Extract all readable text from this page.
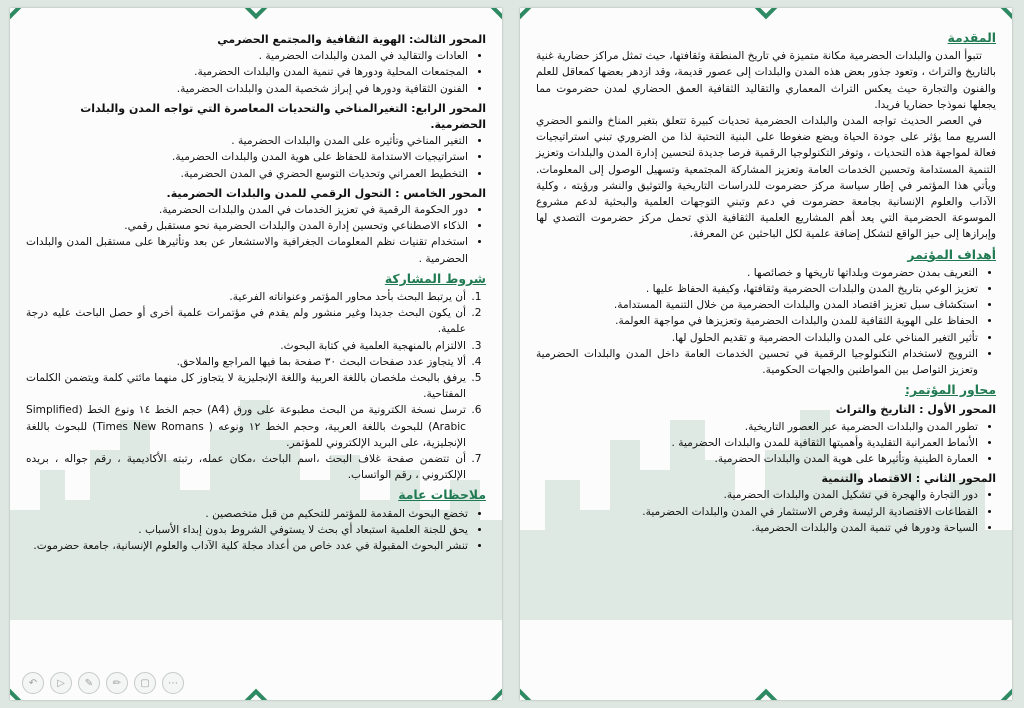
المحور الثالث: الهوية الثقافية والمجتمع الحضرمي
• العادات والتقاليد في المدن والبلدات الحضرمية .
• المجتمعات المحلية ودورها في تنمية المدن والبلدات الحضرمية.
• الفنون الثقافية ودورها في إبراز شخصية المدن والبلدات الحضرمية.
المحور الرابع: التغيرالمناخي والتحديات المعاصرة التي تواجه المدن والبلدات الحضرمية.
• التغير المناخي وتأثيره على المدن والبلدات الحضرمية .
• استراتيجيات الاستدامة للحفاظ على هوية المدن والبلدات الحضرمية.
• التخطيط العمراني وتحديات التوسع الحضري في المدن الحضرمية.
المحور الخامس : التحول الرقمي للمدن والبلدات الحضرمية.
• دور الحكومة الرقمية في تعزيز الخدمات في المدن والبلدات الحضرمية.
• الذكاء الاصطناعي وتحسين إدارة المدن والبلدات الحضرمية نحو مستقبل رقمي.
• استخدام تقنيات نظم المعلومات الجغرافية والاستشعار عن بعد وتأثيرها على مستقبل المدن والبلدات الحضرمية .
شروط المشاركة
1. أن يرتبط البحث بأحد محاور المؤتمر وعنواناته الفرعية.
2. أن يكون البحث جديدا وغير منشور ولم يقدم في مؤتمرات علمية أخرى أو حصل الباحث عليه درجة علمية.
3. الالتزام بالمنهجية العلمية في كتابة البحوث.
4. ألا يتجاوز عدد صفحات البحث ٣٠ صفحة بما فيها المراجع والملاحق.
5. يرفق بالبحث ملخصان باللغة العربية واللغة الإنجليزية لا يتجاوز كل منهما مائتي كلمة ويتضمن الكلمات المفتاحية.
6. ترسل نسخة الكترونية من البحث مطبوعة على ورق (A4) حجم الخط ١٤ ونوع الخط (Simplified Arabic) للبحوث باللغة العربية، وحجم الخط ١٢ ونوعه ( Times New Romans) للبحوث باللغة الإنجليزية، على البريد الإلكتروني للمؤتمر.
7. أن تتضمن صفحة غلاف البحث ،اسم الباحث ،مكان عمله، رتبته الأكاديمية ، رقم جواله ، بريده الإلكتروني ، رقم الواتساب.
ملاحظات عامة
• تخضع البحوث المقدمة للمؤتمر للتحكيم من قبل متخصصين .
• يحق للجنة العلمية استبعاد أي بحث لا يستوفي الشروط بدون إبداء الأسباب .
• تنشر البحوث المقبولة في عدد خاص من أعداد مجلة كلية الآداب والعلوم الإنسانية، جامعة حضرموت.
↶	▷	✎	✏	▢	⋯
المقدمة

تتبوأ المدن والبلدات الحضرمية مكانة متميزة في تاريخ المنطقة وثقافتها، حيث تمثل مراكز حضارية غنية بالتاريخ والتراث ، وتعود جذور بعض هذه المدن والبلدات إلى عصور قديمة، وقد ازدهر بعضها كمعاقل للعلم والفنون والتجارة حيث يعكس التراث المعماري والتقاليد الثقافية العمق الحضاري لمدن حضرموت مما يجعلها نموذجا حضاريا فريدا.

في العصر الحديث تواجه المدن والبلدات الحضرمية تحديات كبيرة تتعلق بتغير المناخ والنمو الحضري السريع مما يؤثر على جودة الحياة ويضع ضغوطا على البنية التحتية لذا من الضروري تبني استراتيجيات فعالة لمواجهة هذه التحديات ، وتوفر التكنولوجيا الرقمية فرصا جديدة لتحسين إدارة المدن والبلدات وتعزيز التنمية المستدامة وتحسين الخدمات العامة وتعزيز المشاركة المجتمعية وتسهيل الوصول إلى المعلومات. ويأتي هذا المؤتمر في إطار سياسة مركز حضرموت للدراسات التاريخية والتوثيق والنشر ورؤيته ، وكلية الآداب والعلوم الإنسانية بجامعة حضرموت في دعم وتبني التوجهات العلمية والبحثية لدعم مشروع الموسوعة الحضرمية التي يعد أهم المشاريع العلمية الثقافية الذي تحمل مركز حضرموت التصدي لها وإبرازها إلى حيز الواقع لتشكل إضافة علمية لكل الباحثين عن المعرفة.

أهداف المؤتمر
• التعريف بمدن حضرموت وبلداتها تاريخها و خصائصها .
• تعزيز الوعي بتاريخ المدن والبلدات الحضرمية وثقافتها، وكيفية الحفاظ عليها .
• استكشاف سبل تعزيز اقتصاد المدن والبلدات الحضرمية من خلال التنمية المستدامة.
• الحفاظ على الهوية الثقافية للمدن والبلدات الحضرمية وتعزيزها في مواجهة العولمة.
• تأثير التغير المناخي على المدن والبلدات الحضرمية و تقديم الحلول لها.
• الترويج لاستخدام التكنولوجيا الرقمية في تحسين الخدمات العامة داخل المدن والبلدات الحضرمية وتعزيز التواصل بين المواطنين والجهات الحكومية.
محاور المؤتمر:
المحور الأول : التاريخ والتراث
• تطور المدن والبلدات الحضرمية عبر العصور التاريخية.
• الأنماط العمرانية التقليدية وأهميتها الثقافية للمدن والبلدات الحضرمية .
• العمارة الطينية وتأثيرها على هوية المدن والبلدات الحضرمية.
المحور الثاني : الاقتصاد والتنمية
• دور التجارة والهجرة في تشكيل المدن والبلدات الحضرمية.
• القطاعات الاقتصادية الرئيسة وفرص الاستثمار في المدن والبلدات الحضرمية.
• السياحة ودورها في تنمية المدن والبلدات الحضرمية.
